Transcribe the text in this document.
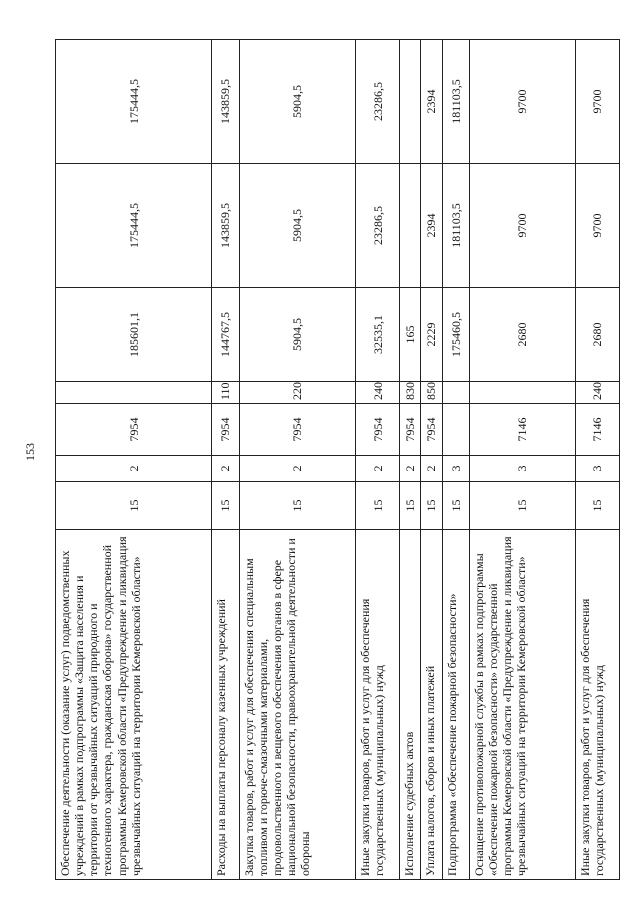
153
Обеспечение деятельности (оказание услуг) подведомственных учреждений в рамках подпрограммы «Защита населения и территории от чрезвычайных ситуаций природного и техногенного характера, гражданская оборона» государственной программы Кемеровской области «Предупреждение и ликвидация чрезвычайных ситуаций на территории Кемеровской области»	15	2	7954		185601,1	175444,5	175444,5
Расходы на выплаты персоналу казенных учреждений	15	2	7954	110	144767,5	143859,5	143859,5
Закупка товаров, работ и услуг для обеспечения специальным топливом и горюче-смазочными материалами, продовольственного и вещевого обеспечения органов в сфере национальной безопасности, правоохранительной деятельности и обороны	15	2	7954	220	5904,5	5904,5	5904,5
Иные закупки товаров, работ и услуг для обеспечения государственных (муниципальных) нужд	15	2	7954	240	32535,1	23286,5	23286,5
Исполнение судебных актов	15	2	7954	830	165		
Уплата налогов, сборов и иных платежей	15	2	7954	850	2229	2394	2394
Подпрограмма «Обеспечение пожарной безопасности»	15	3			175460,5	181103,5	181103,5
Оснащение противопожарной службы в рамках подпрограммы «Обеспечение пожарной безопасности» государственной программы Кемеровской области «Предупреждение и ликвидация чрезвычайных ситуаций на территории Кемеровской области»	15	3	7146		2680	9700	9700
Иные закупки товаров, работ и услуг для обеспечения государственных (муниципальных) нужд	15	3	7146	240	2680	9700	9700
